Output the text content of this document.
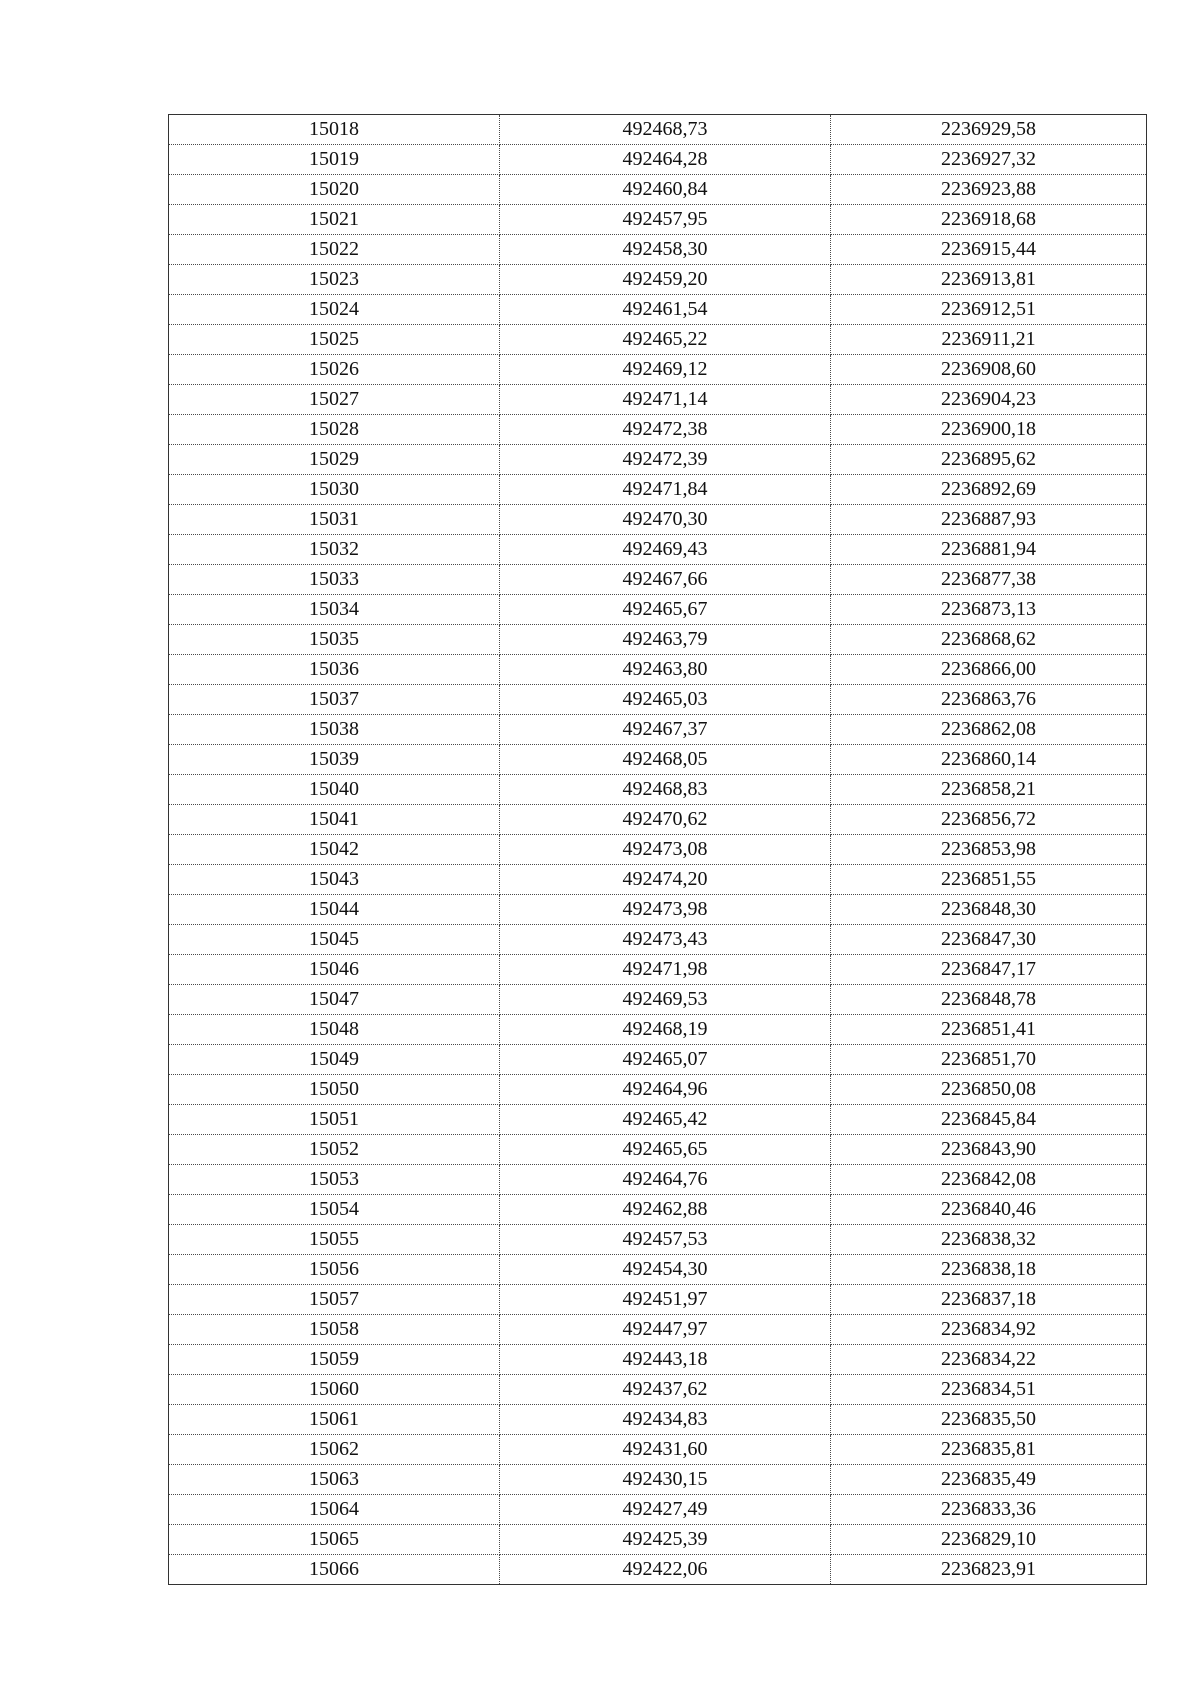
15018	492468,73	2236929,58
15019	492464,28	2236927,32
15020	492460,84	2236923,88
15021	492457,95	2236918,68
15022	492458,30	2236915,44
15023	492459,20	2236913,81
15024	492461,54	2236912,51
15025	492465,22	2236911,21
15026	492469,12	2236908,60
15027	492471,14	2236904,23
15028	492472,38	2236900,18
15029	492472,39	2236895,62
15030	492471,84	2236892,69
15031	492470,30	2236887,93
15032	492469,43	2236881,94
15033	492467,66	2236877,38
15034	492465,67	2236873,13
15035	492463,79	2236868,62
15036	492463,80	2236866,00
15037	492465,03	2236863,76
15038	492467,37	2236862,08
15039	492468,05	2236860,14
15040	492468,83	2236858,21
15041	492470,62	2236856,72
15042	492473,08	2236853,98
15043	492474,20	2236851,55
15044	492473,98	2236848,30
15045	492473,43	2236847,30
15046	492471,98	2236847,17
15047	492469,53	2236848,78
15048	492468,19	2236851,41
15049	492465,07	2236851,70
15050	492464,96	2236850,08
15051	492465,42	2236845,84
15052	492465,65	2236843,90
15053	492464,76	2236842,08
15054	492462,88	2236840,46
15055	492457,53	2236838,32
15056	492454,30	2236838,18
15057	492451,97	2236837,18
15058	492447,97	2236834,92
15059	492443,18	2236834,22
15060	492437,62	2236834,51
15061	492434,83	2236835,50
15062	492431,60	2236835,81
15063	492430,15	2236835,49
15064	492427,49	2236833,36
15065	492425,39	2236829,10
15066	492422,06	2236823,91
